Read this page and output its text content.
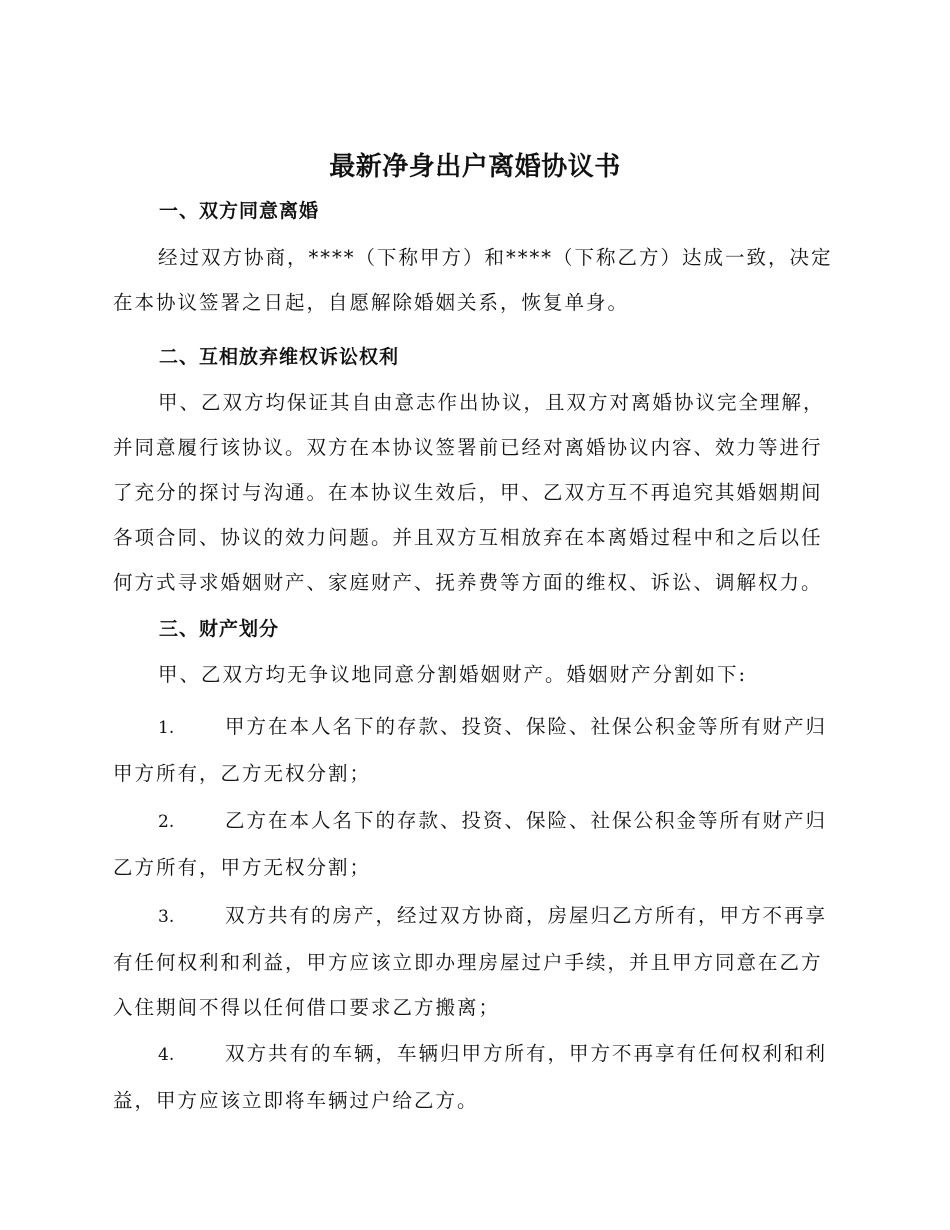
最新净身出户离婚协议书
一、双方同意离婚
经过双方协商，****（下称甲方）和****（下称乙方）达成一致，决定在本协议签署之日起，自愿解除婚姻关系，恢复单身。
二、互相放弃维权诉讼权利
甲、乙双方均保证其自由意志作出协议，且双方对离婚协议完全理解，并同意履行该协议。双方在本协议签署前已经对离婚协议内容、效力等进行了充分的探讨与沟通。在本协议生效后，甲、乙双方互不再追究其婚姻期间各项合同、协议的效力问题。并且双方互相放弃在本离婚过程中和之后以任何方式寻求婚姻财产、家庭财产、抚养费等方面的维权、诉讼、调解权力。
三、财产划分
甲、乙双方均无争议地同意分割婚姻财产。婚姻财产分割如下:
1.	甲方在本人名下的存款、投资、保险、社保公积金等所有财产归甲方所有，乙方无权分割；
2.	乙方在本人名下的存款、投资、保险、社保公积金等所有财产归乙方所有，甲方无权分割；
3.	双方共有的房产，经过双方协商，房屋归乙方所有，甲方不再享有任何权利和利益，甲方应该立即办理房屋过户手续，并且甲方同意在乙方入住期间不得以任何借口要求乙方搬离；
4.	双方共有的车辆，车辆归甲方所有，甲方不再享有任何权利和利益，甲方应该立即将车辆过户给乙方。
